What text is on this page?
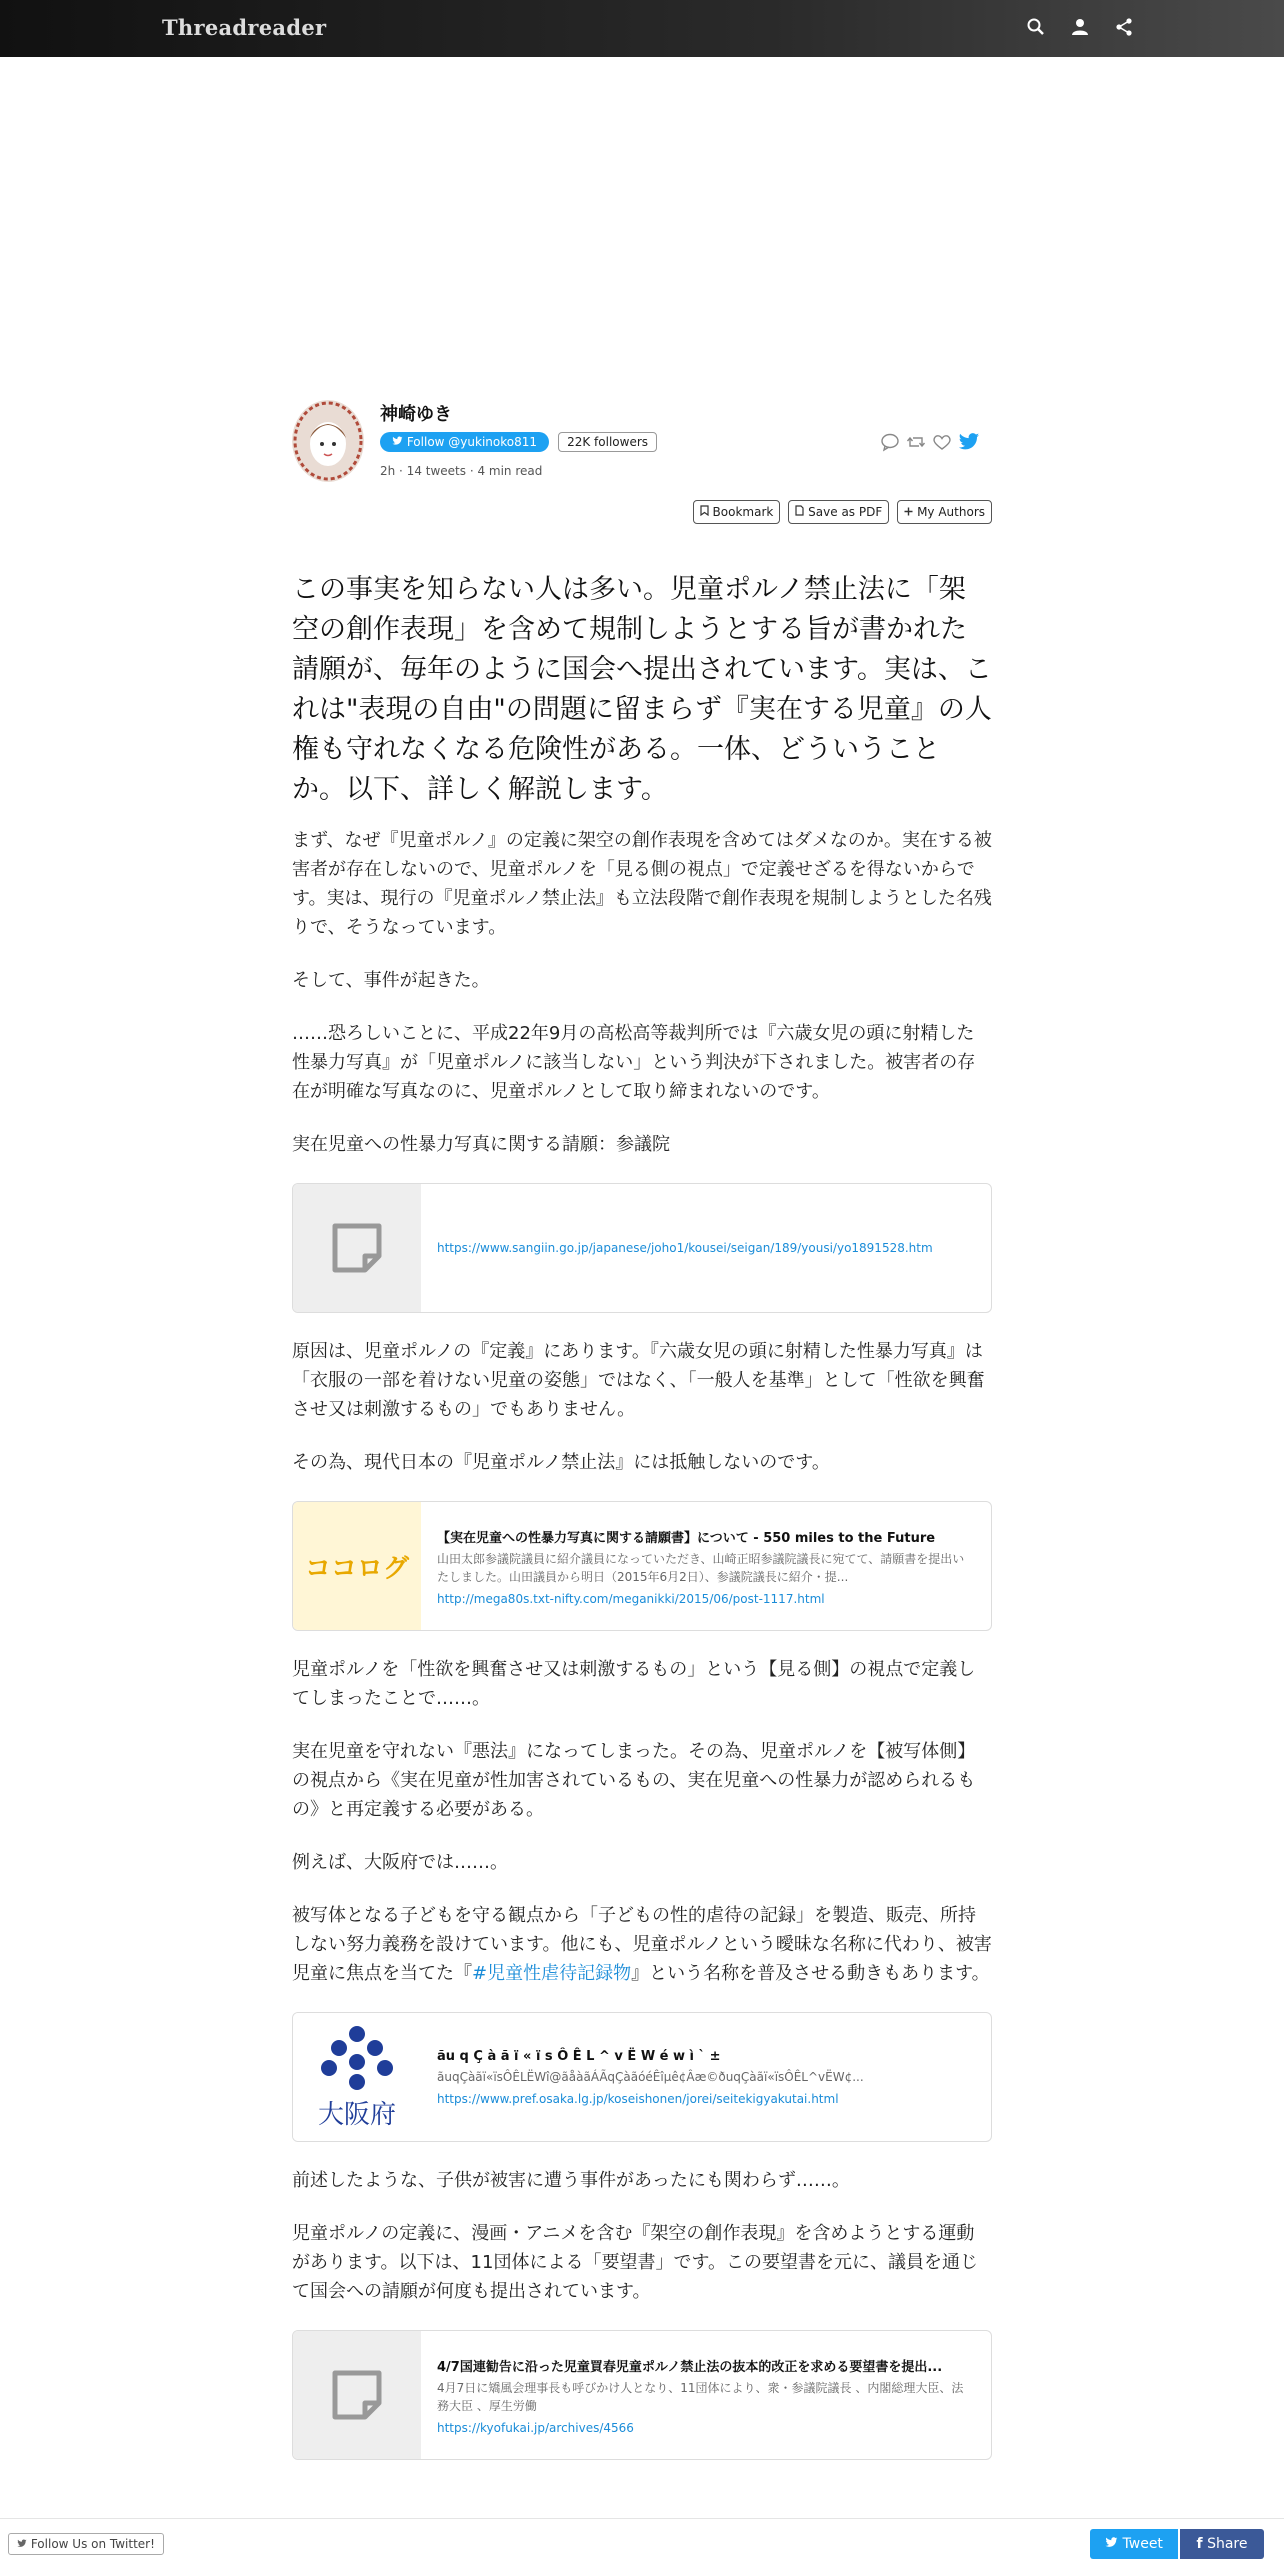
Threadreader
神崎ゆき
Follow @yukinoko811	22K followers
2h · 14 tweets · 4 min read
Bookmark	Save as PDF	My Authors

この事実を知らない人は多い。児童ポルノ禁止法に「架空の創作表現」を含めて規制しようとする旨が書かれた請願が、毎年のように国会へ提出されています。実は、これは"表現の自由"の問題に留まらず『実在する児童』の人権も守れなくなる危険性がある。一体、どういうことか。以下、詳しく解説します。

まず、なぜ『児童ポルノ』の定義に架空の創作表現を含めてはダメなのか。実在する被害者が存在しないので、児童ポルノを「見る側の視点」で定義せざるを得ないからです。実は、現行の『児童ポルノ禁止法』も立法段階で創作表現を規制しようとした名残りで、そうなっています。

そして、事件が起きた。

……恐ろしいことに、平成22年9月の高松高等裁判所では『六歳女児の頭に射精した性暴力写真』が「児童ポルノに該当しない」という判決が下されました。被害者の存在が明確な写真なのに、児童ポルノとして取り締まれないのです。

実在児童への性暴力写真に関する請願：参議院

https://www.sangiin.go.jp/japanese/joho1/kousei/seigan/189/yousi/yo1891528.htm

原因は、児童ポルノの『定義』にあります。『六歳女児の頭に射精した性暴力写真』は「衣服の一部を着けない児童の姿態」ではなく、「一般人を基準」として「性欲を興奮させ又は刺激するもの」でもありません。

その為、現代日本の『児童ポルノ禁止法』には抵触しないのです。

ココログ
【実在児童への性暴力写真に関する請願書】について - 550 miles to the Future
山田太郎参議院議員に紹介議員になっていただき、山崎正昭参議院議長に宛てて、請願書を提出いたしました。山田議員から明日（2015年6月2日）、参議院議長に紹介・提...
http://mega80s.txt-nifty.com/meganikki/2015/06/post-1117.html

児童ポルノを「性欲を興奮させ又は刺激するもの」という【見る側】の視点で定義してしまったことで……。

実在児童を守れない『悪法』になってしまった。その為、児童ポルノを【被写体側】の視点から《実在児童が性加害されているもの、実在児童への性暴力が認められるもの》と再定義する必要がある。

例えば、大阪府では……。

被写体となる子どもを守る観点から「子どもの性的虐待の記録」を製造、販売、所持しない努力義務を設けています。他にも、児童ポルノという曖昧な名称に代わり、被害児童に焦点を当てた『#児童性虐待記録物』という名称を普及させる動きもあります。

大阪府
ãu q Ç à ã ï « ï s Ô Ê L ^ v Ë W é w ì ` ±
ãuqÇàãï«ïsÔÊLËWî@ãåàãÁÃqÇàãóéÊîµê¢Âæ©ðuqÇàãï«ïsÔÊL^vËW¢...
https://www.pref.osaka.lg.jp/koseishonen/jorei/seitekigyakutai.html

前述したような、子供が被害に遭う事件があったにも関わらず……。

児童ポルノの定義に、漫画・アニメを含む『架空の創作表現』を含めようとする運動があります。以下は、11団体による「要望書」です。この要望書を元に、議員を通じて国会への請願が何度も提出されています。

4/7国連勧告に沿った児童買春児童ポルノ禁止法の抜本的改正を求める要望書を提出...
4月7日に矯風会理事長も呼びかけ人となり、11団体により、衆・参議院議長 、内閣総理大臣、法務大臣 、厚生労働
https://kyofukai.jp/archives/4566
Follow Us on Twitter!	Tweet	f Share
